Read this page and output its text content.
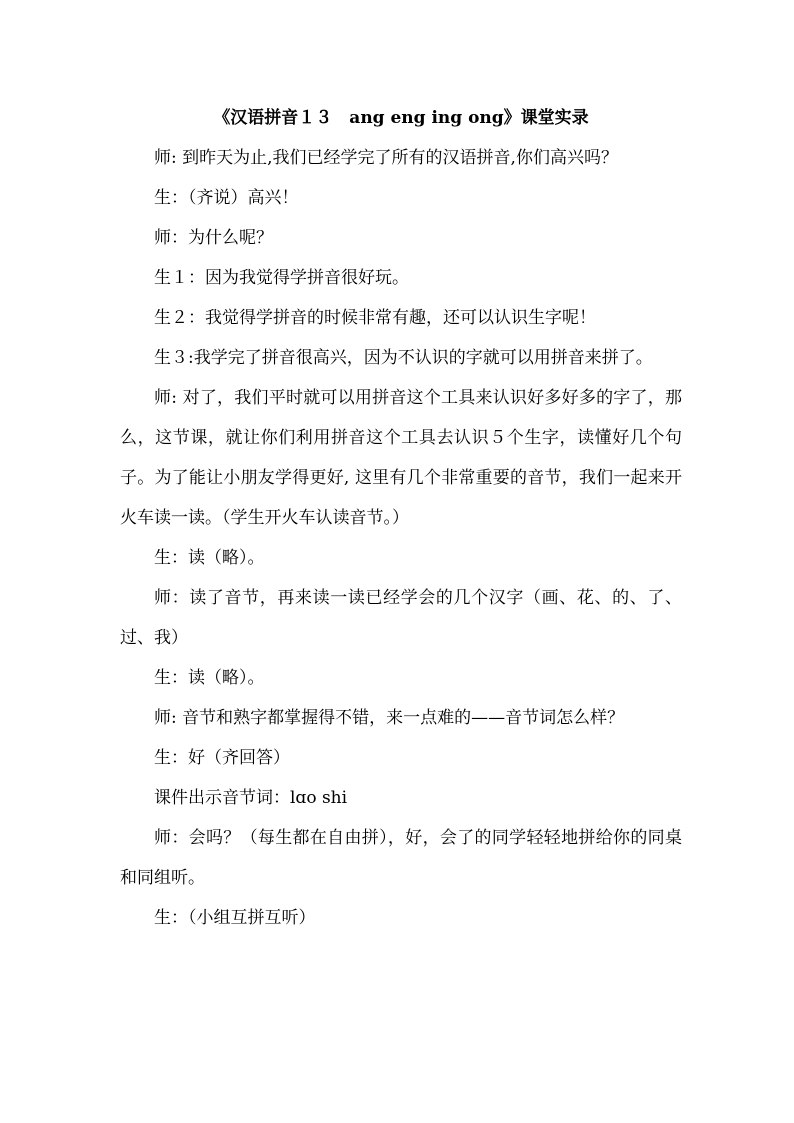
《汉语拼音１３　ang eng ing ong》课堂实录

师: 到昨天为止,我们已经学完了所有的汉语拼音,你们高兴吗？

生：（齐说）高兴！

师：为什么呢？

生１：因为我觉得学拼音很好玩。

生２：我觉得学拼音的时候非常有趣，还可以认识生字呢！

生３:我学完了拼音很高兴，因为不认识的字就可以用拼音来拼了。

师: 对了，我们平时就可以用拼音这个工具来认识好多好多的字了，那么，这节课，就让你们利用拼音这个工具去认识５个生字，读懂好几个句子。为了能让小朋友学得更好, 这里有几个非常重要的音节，我们一起来开火车读一读。（学生开火车认读音节。）

生：读（略）。

师：读了音节，再来读一读已经学会的几个汉字（画、花、的、了、过、我）

生：读（略）。

师: 音节和熟字都掌握得不错，来一点难的——音节词怎么样？

生：好（齐回答）

课件出示音节词：lɑo shi

师：会吗？（每生都在自由拼），好，会了的同学轻轻地拼给你的同桌和同组听。

生：（小组互拼互听）
